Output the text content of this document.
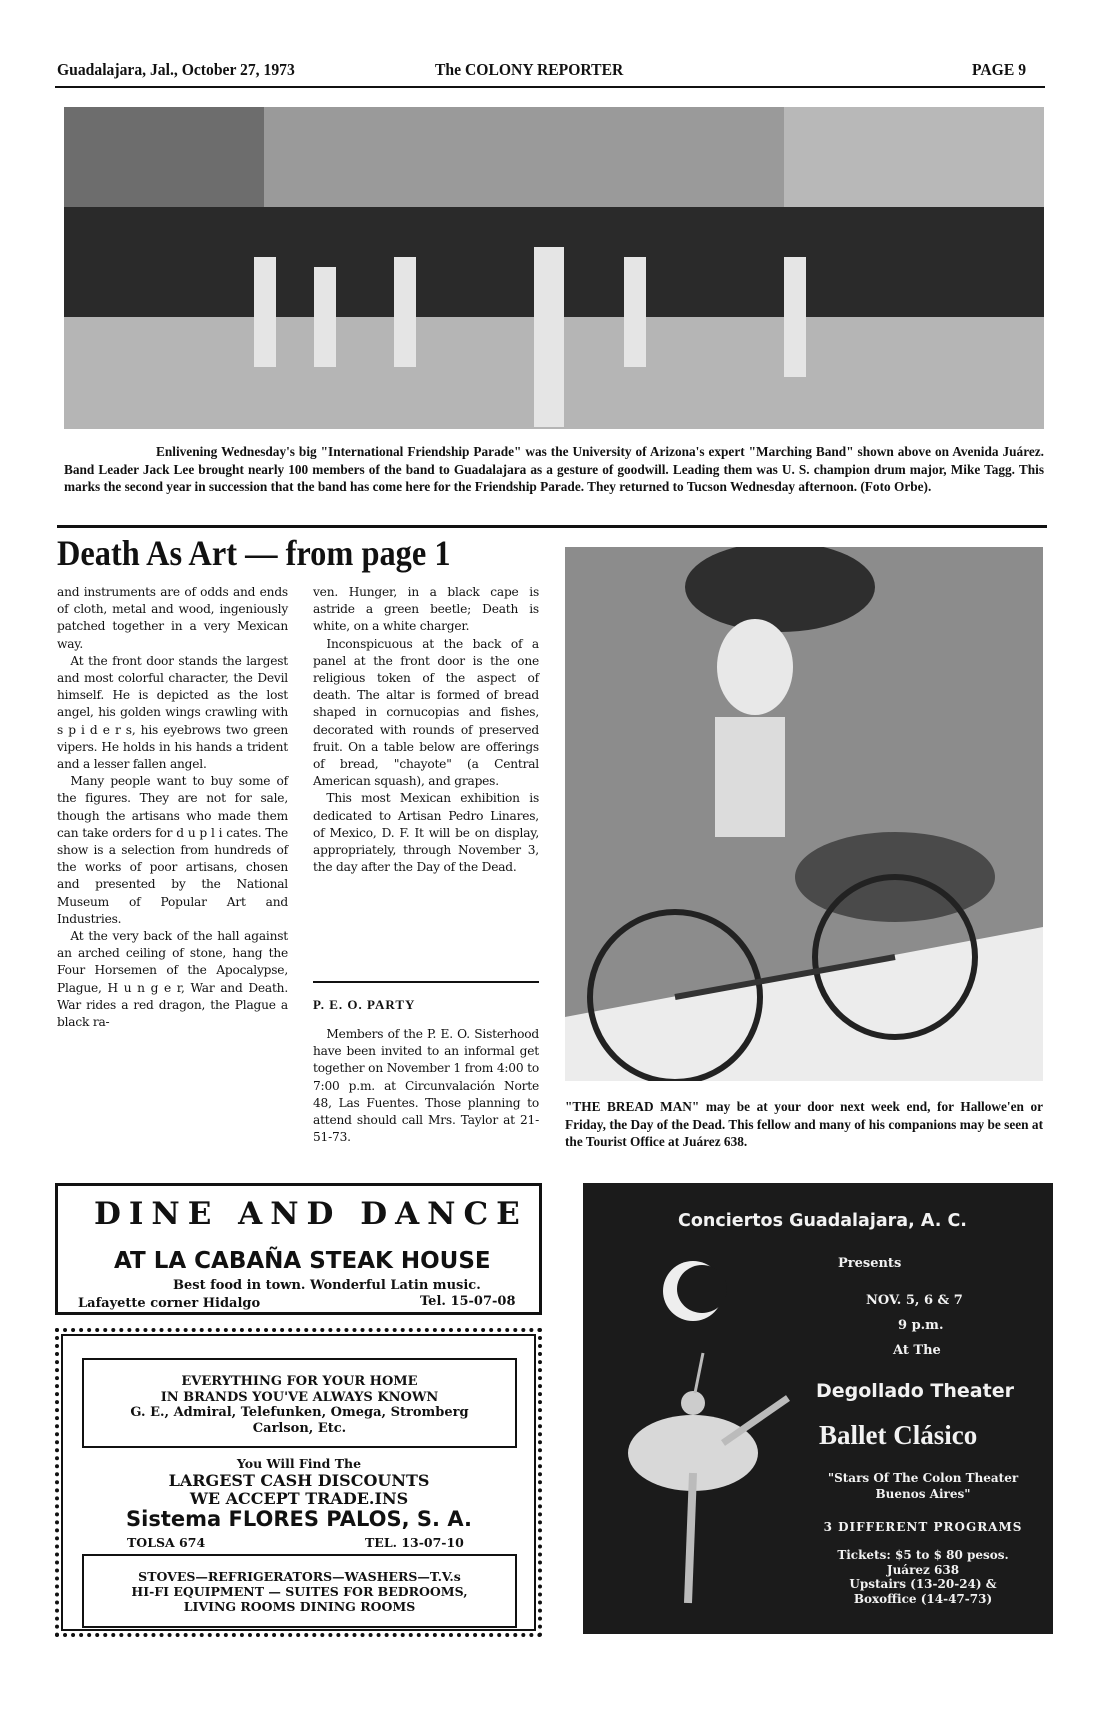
Guadalajara, Jal., October 27, 1973	The COLONY REPORTER	PAGE 9
Enlivening Wednesday's big "International Friendship Parade" was the University of Arizona's expert "Marching Band" shown above on Avenida Juárez. Band Leader Jack Lee brought nearly 100 members of the band to Guadalajara as a gesture of goodwill. Leading them was U. S. champion drum major, Mike Tagg. This marks the second year in succession that the band has come here for the Friendship Parade. They returned to Tucson Wednesday afternoon. (Foto Orbe).
Death As Art — from page 1

and instruments are of odds and ends of cloth, metal and wood, ingeniously patched together in a very Mexican way.

At the front door stands the largest and most colorful character, the Devil himself. He is depicted as the lost angel, his golden wings crawling with s p i d e r s, his eyebrows two green vipers. He holds in his hands a trident and a lesser fallen angel.

Many people want to buy some of the figures. They are not for sale, though the artisans who made them can take orders for d u p l i cates. The show is a selection from hundreds of the works of poor artisans, chosen and presented by the National Museum of Popular Art and Industries.

At the very back of the hall against an arched ceiling of stone, hang the Four Horsemen of the Apocalypse, Plague, H u n g e r, War and Death. War rides a red dragon, the Plague a black ra-

ven. Hunger, in a black cape is astride a green beetle; Death is white, on a white charger.

Inconspicuous at the back of a panel at the front door is the one religious token of the aspect of death. The altar is formed of bread shaped in cornucopias and fishes, decorated with rounds of preserved fruit. On a table below are offerings of bread, "chayote" (a Central American squash), and grapes.

This most Mexican exhibition is dedicated to Artisan Pedro Linares, of Mexico, D. F. It will be on display, appropriately, through November 3, the day after the Day of the Dead.

P. E. O. PARTY

Members of the P. E. O. Sisterhood have been invited to an informal get together on November 1 from 4:00 to 7:00 p.m. at Circunvalación Norte 48, Las Fuentes. Those planning to attend should call Mrs. Taylor at 21-51-73.

"THE BREAD MAN" may be at your door next week end, for Hallowe'en or Friday, the Day of the Dead. This fellow and many of his companions may be seen at the Tourist Office at Juárez 638.
DINE AND DANCE
AT LA CABAÑA STEAK HOUSE
Best food in town. Wonderful Latin music.
Lafayette corner Hidalgo	Tel. 15-07-08
EVERYTHING FOR YOUR HOME
IN BRANDS YOU'VE ALWAYS KNOWN
G. E., Admiral, Telefunken, Omega, Stromberg
Carlson, Etc.
You Will Find The
LARGEST CASH DISCOUNTS
WE ACCEPT TRADE.INS
Sistema FLORES PALOS, S. A.
TOLSA 674	TEL. 13-07-10
STOVES—REFRIGERATORS—WASHERS—T.V.s
HI-FI EQUIPMENT — SUITES FOR BEDROOMS,
LIVING ROOMS DINING ROOMS
Conciertos Guadalajara, A. C.
Presents
NOV. 5, 6 & 7
9 p.m.
At The
Degollado Theater
Ballet Clásico
"Stars Of The Colon Theater
Buenos Aires"
3 DIFFERENT PROGRAMS
Tickets: $5 to $ 80 pesos.
Juárez 638
Upstairs (13-20-24) &
Boxoffice (14-47-73)
